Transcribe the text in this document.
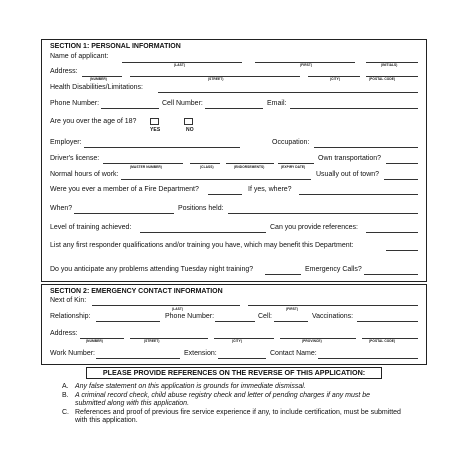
SECTION 1: PERSONAL INFORMATION
Name of applicant:
(LAST)	(FIRST)	(INITIALS)
Address:
(NUMBER)	(STREET)	(CITY)	(POSTAL CODE)
Health Disabilities/Limitations:
Phone Number:	Cell Number:	Email:
Are you over the age of 18?
YES	NO
Employer:	Occupation:
Driver's license:	Own transportation?
(MASTER NUMBER)	(CLASS)	(ENDORSEMENTS)	(EXPIRY DATE)
Normal hours of work:	Usually out of town?
Were you ever a member of a Fire Department?	If yes, where?
When?	Positions held:
Level of training achieved:	Can you provide references:
List any first responder qualifications and/or training you have, which may benefit this Department:
Do you anticipate any problems attending Tuesday night training?	Emergency Calls?
SECTION 2: EMERGENCY CONTACT INFORMATION
Next of Kin:
(LAST)	(FIRST)
Relationship:	Phone Number:	Cell:	Vaccinations:
Address:
(NUMBER)	(STREET)	(CITY)	(PROVINCE)	(POSTAL CODE)
Work Number:	Extension:	Contact Name:
PLEASE PROVIDE REFERENCES ON THE REVERSE OF THIS APPLICATION:
A. Any false statement on this application is grounds for immediate dismissal.
B. A criminal record check, child abuse registry check and letter of pending charges if any must be
submitted along with this application.
C. References and proof of previous fire service experience if any, to include certification, must be submitted
with this application.
